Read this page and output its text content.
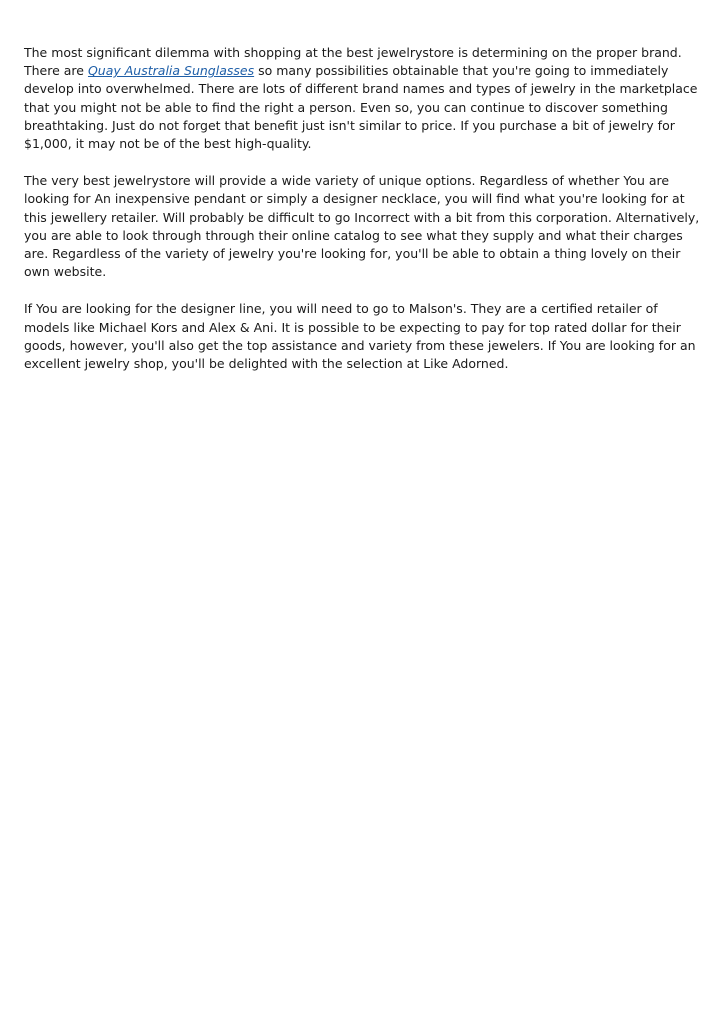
The most significant dilemma with shopping at the best jewelrystore is determining on the proper brand. There are Quay Australia Sunglasses so many possibilities obtainable that you're going to immediately develop into overwhelmed. There are lots of different brand names and types of jewelry in the marketplace that you might not be able to find the right a person. Even so, you can continue to discover something breathtaking. Just do not forget that benefit just isn't similar to price. If you purchase a bit of jewelry for $1,000, it may not be of the best high-quality.

The very best jewelrystore will provide a wide variety of unique options. Regardless of whether You are looking for An inexpensive pendant or simply a designer necklace, you will find what you're looking for at this jewellery retailer. Will probably be difficult to go Incorrect with a bit from this corporation. Alternatively, you are able to look through through their online catalog to see what they supply and what their charges are. Regardless of the variety of jewelry you're looking for, you'll be able to obtain a thing lovely on their own website.

If You are looking for the designer line, you will need to go to Malson's. They are a certified retailer of models like Michael Kors and Alex & Ani. It is possible to be expecting to pay for top rated dollar for their goods, however, you'll also get the top assistance and variety from these jewelers. If You are looking for an excellent jewelry shop, you'll be delighted with the selection at Like Adorned.
